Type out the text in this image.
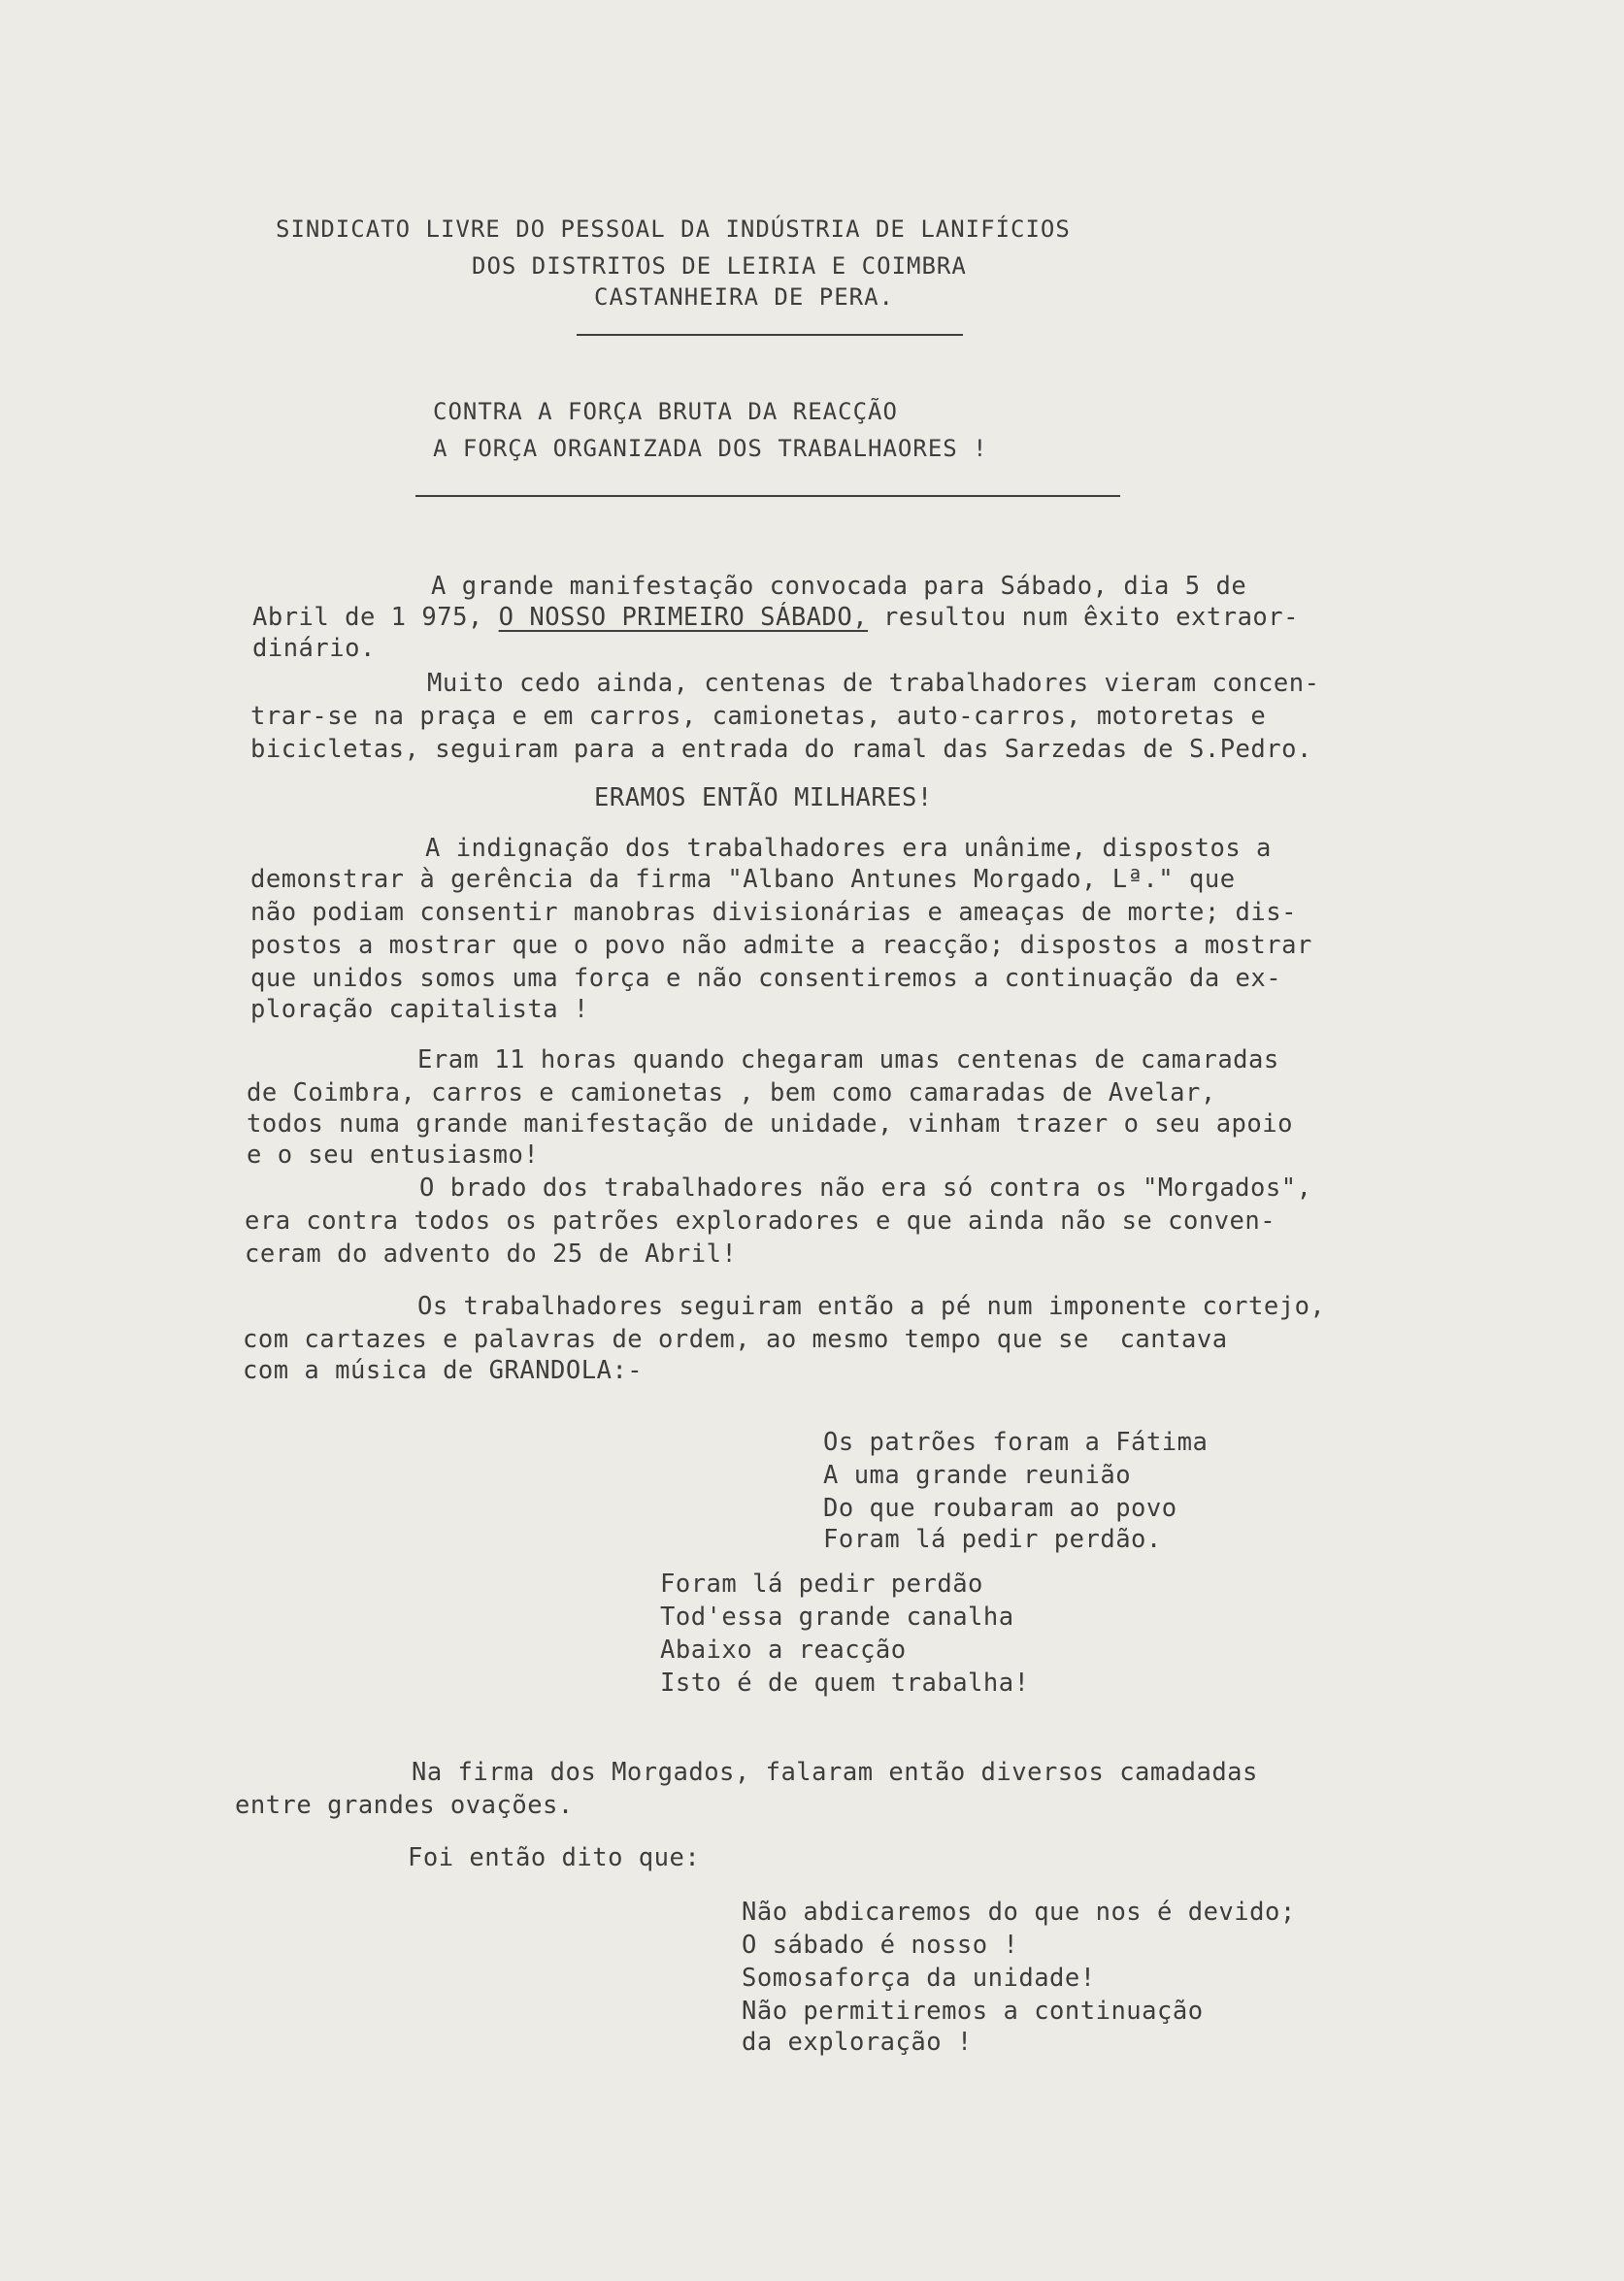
SINDICATO LIVRE DO PESSOAL DA INDÚSTRIA DE LANIFÍCIOS

DOS DISTRITOS DE LEIRIA E COIMBRA

CASTANHEIRA DE PERA.

CONTRA A FORÇA BRUTA DA REACÇÃO

A FORÇA ORGANIZADA DOS TRABALHAORES !

A grande manifestação convocada para Sábado, dia 5 de

Abril de 1 975, O NOSSO PRIMEIRO SÁBADO, resultou num êxito extraor-

dinário.

Muito cedo ainda, centenas de trabalhadores vieram concen-

trar-se na praça e em carros, camionetas, auto-carros, motoretas e

bicicletas, seguiram para a entrada do ramal das Sarzedas de S.Pedro.

ERAMOS ENTÃO MILHARES!

A indignação dos trabalhadores era unânime, dispostos a

demonstrar à gerência da firma "Albano Antunes Morgado, Lª." que

não podiam consentir manobras divisionárias e ameaças de morte; dis-

postos a mostrar que o povo não admite a reacção; dispostos a mostrar

que unidos somos uma força e não consentiremos a continuação da ex-

ploração capitalista !

Eram 11 horas quando chegaram umas centenas de camaradas

de Coimbra, carros e camionetas , bem como camaradas de Avelar,

todos numa grande manifestação de unidade, vinham trazer o seu apoio

e o seu entusiasmo!

O brado dos trabalhadores não era só contra os "Morgados",

era contra todos os patrões exploradores e que ainda não se conven-

ceram do advento do 25 de Abril!

Os trabalhadores seguiram então a pé num imponente cortejo,

com cartazes e palavras de ordem, ao mesmo tempo que se  cantava

com a música de GRANDOLA:-

Os patrões foram a Fátima

A uma grande reunião

Do que roubaram ao povo

Foram lá pedir perdão.

Foram lá pedir perdão

Tod'essa grande canalha

Abaixo a reacção

Isto é de quem trabalha!

Na firma dos Morgados, falaram então diversos camadadas

entre grandes ovações.

Foi então dito que:

Não abdicaremos do que nos é devido;

O sábado é nosso !

Somosaforça da unidade!

Não permitiremos a continuação

da exploração !
